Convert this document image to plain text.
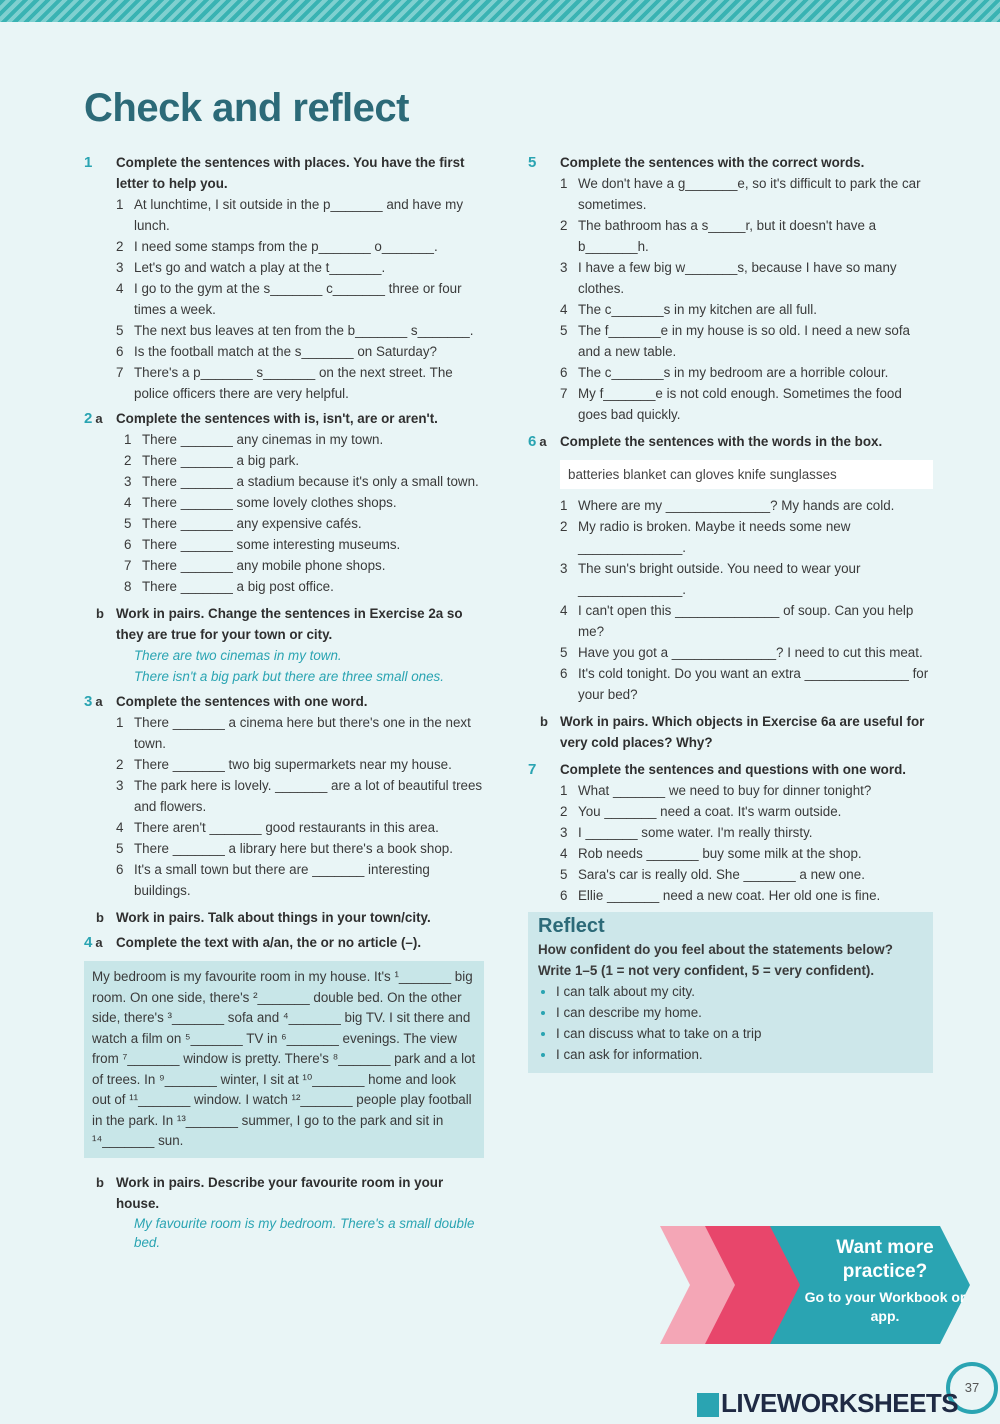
Check and reflect
1	Complete the sentences with places. You have the first letter to help you.
1 At lunchtime, I sit outside in the p_______ and have my lunch.
2 I need some stamps from the p_______ o_______.
3 Let's go and watch a play at the t_______.
4 I go to the gym at the s_______ c_______ three or four times a week.
5 The next bus leaves at ten from the b_______ s_______.
6 Is the football match at the s_______ on Saturday?
7 There's a p_______ s_______ on the next street. The police officers there are very helpful.
2 a	Complete the sentences with is, isn't, are or aren't.
1 There _______ any cinemas in my town.
2 There _______ a big park.
3 There _______ a stadium because it's only a small town.
4 There _______ some lovely clothes shops.
5 There _______ any expensive cafés.
6 There _______ some interesting museums.
7 There _______ any mobile phone shops.
8 There _______ a big post office.
b Work in pairs. Change the sentences in Exercise 2a so they are true for your town or city.
There are two cinemas in my town.
There isn't a big park but there are three small ones.
3 a	Complete the sentences with one word.
1 There _______ a cinema here but there's one in the next town.
2 There _______ two big supermarkets near my house.
3 The park here is lovely. _______ are a lot of beautiful trees and flowers.
4 There aren't _______ good restaurants in this area.
5 There _______ a library here but there's a book shop.
6 It's a small town but there are _______ interesting buildings.
b Work in pairs. Talk about things in your town/city.
4 a	Complete the text with a/an, the or no article (–).
My bedroom is my favourite room in my house. It's ¹_______ big room. On one side, there's ²_______ double bed. On the other side, there's ³_______ sofa and ⁴_______ big TV. I sit there and watch a film on ⁵_______ TV in ⁶_______ evenings. The view from ⁷_______ window is pretty. There's ⁸_______ park and a lot of trees. In ⁹_______ winter, I sit at ¹⁰_______ home and look out of ¹¹_______ window. I watch ¹²_______ people play football in the park. In ¹³_______ summer, I go to the park and sit in ¹⁴_______ sun.
b Work in pairs. Describe your favourite room in your house.
My favourite room is my bedroom. There's a small double bed.
5	Complete the sentences with the correct words.
1 We don't have a g_______e, so it's difficult to park the car sometimes.
2 The bathroom has a s_____r, but it doesn't have a b_______h.
3 I have a few big w_______s, because I have so many clothes.
4 The c_______s in my kitchen are all full.
5 The f_______e in my house is so old. I need a new sofa and a new table.
6 The c_______s in my bedroom are a horrible colour.
7 My f_______e is not cold enough. Sometimes the food goes bad quickly.
6 a	Complete the sentences with the words in the box.
batteries blanket can gloves knife sunglasses
1 Where are my ______________? My hands are cold.
2 My radio is broken. Maybe it needs some new ______________.
3 The sun's bright outside. You need to wear your ______________.
4 I can't open this ______________ of soup. Can you help me?
5 Have you got a ______________? I need to cut this meat.
6 It's cold tonight. Do you want an extra ______________ for your bed?
b Work in pairs. Which objects in Exercise 6a are useful for very cold places? Why?
7	Complete the sentences and questions with one word.
1 What _______ we need to buy for dinner tonight?
2 You _______ need a coat. It's warm outside.
3 I _______ some water. I'm really thirsty.
4 Rob needs _______ buy some milk at the shop.
5 Sara's car is really old. She _______ a new one.
6 Ellie _______ need a new coat. Her old one is fine.
Reflect
How confident do you feel about the statements below? Write 1–5 (1 = not very confident, 5 = very confident).
• I can talk about my city.
• I can describe my home.
• I can discuss what to take on a trip
• I can ask for information.
Want more practice?
Go to your Workbook or app.
37
LIVEWORKSHEETS
